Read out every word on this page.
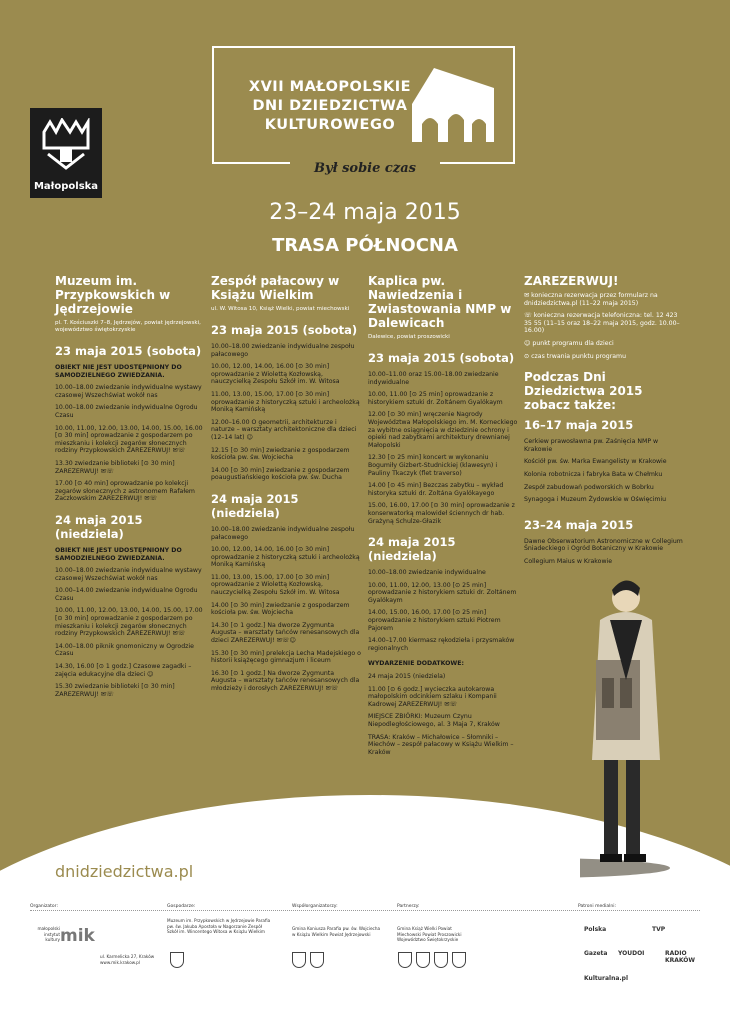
XVII MAŁOPOLSKIE
DNI DZIEDZICTWA
KULTUROWEGO
Był sobie czas
Małopolska
23–24 maja 2015
TRASA PÓŁNOCNA
Muzeum im. Przypkowskich w Jędrzejowie
pl. T. Kościuszki 7–8, Jędrzejów, powiat jędrzejowski, województwo świętokrzyskie
23 maja 2015 (sobota)

OBIEKT NIE JEST UDOSTĘPNIONY DO SAMODZIELNEGO ZWIEDZANIA.

10.00–18.00 zwiedzanie indywidualne wystawy czasowej Wszechświat wokół nas

10.00–18.00 zwiedzanie indywidualne Ogrodu Czasu

10.00, 11.00, 12.00, 13.00, 14.00, 15.00, 16.00 [⊙ 30 min] oprowadzanie z gospodarzem po mieszkaniu i kolekcji zegarów słonecznych rodziny Przypkowskich ZAREZERWUJ! ✉☏

13.30 zwiedzanie biblioteki [⊙ 30 min] ZAREZERWUJ! ✉☏

17.00 [⊙ 40 min] oprowadzanie po kolekcji zegarów słonecznych z astronomem Rafałem Zaczkowskim ZAREZERWUJ! ✉☏

24 maja 2015 (niedziela)

OBIEKT NIE JEST UDOSTĘPNIONY DO SAMODZIELNEGO ZWIEDZANIA.

10.00–18.00 zwiedzanie indywidualne wystawy czasowej Wszechświat wokół nas

10.00–14.00 zwiedzanie indywidualne Ogrodu Czasu

10.00, 11.00, 12.00, 13.00, 14.00, 15.00, 17.00 [⊙ 30 min] oprowadzanie z gospodarzem po mieszkaniu i kolekcji zegarów słonecznych rodziny Przypkowskich ZAREZERWUJ! ✉☏

14.00–18.00 piknik gnomoniczny w Ogrodzie Czasu

14.30, 16.00 [⊙ 1 godz.] Czasowe zagadki – zajęcia edukacyjne dla dzieci ☺

15.30 zwiedzanie biblioteki [⊙ 30 min] ZAREZERWUJ! ✉☏

Zespół pałacowy w Książu Wielkim
ul. W. Witosa 10, Książ Wielki, powiat miechowski
23 maja 2015 (sobota)

10.00–18.00 zwiedzanie indywidualne zespołu pałacowego

10.00, 12.00, 14.00, 16.00 [⊙ 30 min] oprowadzanie z Wiolettą Kozłowską, nauczycielką Zespołu Szkół im. W. Witosa

11.00, 13.00, 15.00, 17.00 [⊙ 30 min] oprowadzanie z historyczką sztuki i archeolożką Moniką Kamińską

12.00–16.00 O geometrii, architekturze i naturze – warsztaty architektoniczne dla dzieci (12–14 lat) ☺

12.15 [⊙ 30 min] zwiedzanie z gospodarzem kościoła pw. św. Wojciecha

14.00 [⊙ 30 min] zwiedzanie z gospodarzem poaugustiańskiego kościoła pw. św. Ducha

24 maja 2015 (niedziela)

10.00–18.00 zwiedzanie indywidualne zespołu pałacowego

10.00, 12.00, 14.00, 16.00 [⊙ 30 min] oprowadzanie z historyczką sztuki i archeolożką Moniką Kamińską

11.00, 13.00, 15.00, 17.00 [⊙ 30 min] oprowadzanie z Wiolettą Kozłowską, nauczycielką Zespołu Szkół im. W. Witosa

14.00 [⊙ 30 min] zwiedzanie z gospodarzem kościoła pw. św. Wojciecha

14.30 [⊙ 1 godz.] Na dworze Zygmunta Augusta – warsztaty tańców renesansowych dla dzieci ZAREZERWUJ! ✉☏☺

15.30 [⊙ 30 min] prelekcja Lecha Madejskiego o historii książęcego gimnazjum i liceum

16.30 [⊙ 1 godz.] Na dworze Zygmunta Augusta – warsztaty tańców renesansowych dla młodzieży i dorosłych ZAREZERWUJ! ✉☏

Kaplica pw. Nawiedzenia i Zwiastowania NMP w Dalewicach
Dalewice, powiat proszowicki
23 maja 2015 (sobota)

10.00–11.00 oraz 15.00–18.00 zwiedzanie indywidualne

10.00, 11.00 [⊙ 25 min] oprowadzanie z historykiem sztuki dr. Zoltánem Gyalókaym

12.00 [⊙ 30 min] wręczenie Nagrody Województwa Małopolskiego im. M. Korneckiego za wybitne osiągnięcia w dziedzinie ochrony i opieki nad zabytkami architektury drewnianej Małopolski

12.30 [⊙ 25 min] koncert w wykonaniu Bogumiły Gizbert-Studnickiej (klawesyn) i Pauliny Tkaczyk (flet traverso)

14.00 [⊙ 45 min] Bezczas zabytku – wykład historyka sztuki dr. Zoltána Gyalókayego

15.00, 16.00, 17.00 [⊙ 30 min] oprowadzanie z konserwatorką malowideł ściennych dr hab. Grażyną Schulze-Głazik

24 maja 2015 (niedziela)

10.00–18.00 zwiedzanie indywidualne

10.00, 11.00, 12.00, 13.00 [⊙ 25 min] oprowadzanie z historykiem sztuki dr. Zoltánem Gyalókaym

14.00, 15.00, 16.00, 17.00 [⊙ 25 min] oprowadzanie z historykiem sztuki Piotrem Pajorem

14.00–17.00 kiermasz rękodzieła i przysmaków regionalnych

WYDARZENIE DODATKOWE:

24 maja 2015 (niedziela)

11.00 [⊙ 6 godz.] wycieczka autokarowa małopolskim odcinkiem szlaku i Kompanii Kadrowej ZAREZERWUJ! ✉☏

MIEJSCE ZBIÓRKI: Muzeum Czynu Niepodległościowego, al. 3 Maja 7, Kraków

TRASA: Kraków – Michałowice – Słomniki – Miechów – zespół pałacowy w Książu Wielkim – Kraków

ZAREZERWUJ!

✉ konieczna rezerwacja przez formularz na dnidziedzictwa.pl (11–22 maja 2015)

☏ konieczna rezerwacja telefoniczna: tel. 12 423 35 55 (11–15 oraz 18–22 maja 2015, godz. 10.00–16.00)

☺ punkt programu dla dzieci

⊙ czas trwania punktu programu

Podczas Dni Dziedzictwa 2015 zobacz także:
16–17 maja 2015

Cerkiew prawosławna pw. Zaśnięcia NMP w Krakowie

Kościół pw. św. Marka Ewangelisty w Krakowie

Kolonia robotnicza i fabryka Bata w Chełmku

Zespół zabudowań podworskich w Bobrku

Synagoga i Muzeum Żydowskie w Oświęcimiu

23–24 maja 2015

Dawne Obserwatorium Astronomiczne w Collegium Śniadeckiego i Ogród Botaniczny w Krakowie

Collegium Maius w Krakowie

dnidziedzictwa.pl
Organizator:	Gospodarze:	Współorganizatorzy:	Partnerzy:	Patroni medialni:
małopolski instytut kultury mik
ul. Karmelicka 27, Kraków www.mik.krakow.pl
Muzeum im. Przypkowskich w Jędrzejowie Parafia pw. św. Jakuba Apostoła w Nagorzanie Zespół Szkół im. Wincentego Witosa w Książu Wielkim
Gmina Koniusza Parafia pw. św. Wojciecha w Książu Wielkim Powiat Jędrzejowski
Gmina Książ Wielki Powiat Miechowski Powiat Proszowicki Województwo Świętokrzyskie
Polska	TVP
Gazeta YOUDOI	RADIO KRAKÓW
Kulturalna.pl
